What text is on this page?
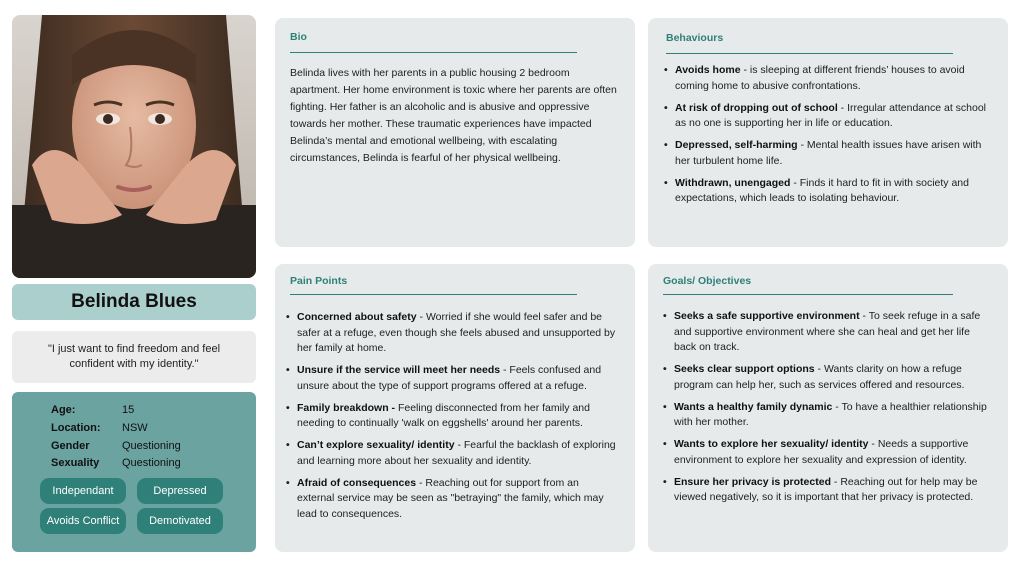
Belinda Blues
"I just want to find freedom and feel confident with my identity."
Age:	15
Location:	NSW
Gender	Questioning
Sexuality	Questioning
Independant	Depressed
Avoids Conflict	Demotivated
Bio
Belinda lives with her parents in a public housing 2 bedroom apartment. Her home environment is toxic where her parents are often fighting. Her father is an alcoholic and is abusive and oppressive towards her mother. These traumatic experiences have impacted Belinda’s mental and emotional wellbeing, with escalating circumstances, Belinda is fearful of her physical wellbeing.
Behaviours
• Avoids home - is sleeping at different friends’ houses to avoid coming home to abusive confrontations.
• At risk of dropping out of school - Irregular attendance at school as no one is supporting her in life or education.
• Depressed, self-harming - Mental health issues have arisen with her turbulent home life.
• Withdrawn, unengaged - Finds it hard to fit in with society and expectations, which leads to isolating behaviour.
Pain Points
• Concerned about safety - Worried if she would feel safer and be safer at a refuge, even though she feels abused and unsupported by her family at home.
• Unsure if the service will meet her needs - Feels confused and unsure about the type of support programs offered at a refuge.
• Family breakdown - Feeling disconnected from her family and needing to continually 'walk on eggshells' around her parents.
• Can’t explore sexuality/ identity - Fearful the backlash of exploring and learning more about her sexuality and identity.
• Afraid of consequences - Reaching out for support from an external service may be seen as "betraying" the family, which may lead to consequences.
Goals/ Objectives
• Seeks a safe supportive environment - To seek refuge in a safe and supportive environment where she can heal and get her life back on track.
• Seeks clear support options - Wants clarity on how a refuge program can help her, such as services offered and resources.
• Wants a healthy family dynamic - To have a healthier relationship with her mother.
• Wants to explore her sexuality/ identity - Needs a supportive environment to explore her sexuality and expression of identity.
• Ensure her privacy is protected - Reaching out for help may be viewed negatively, so it is important that her privacy is protected.
